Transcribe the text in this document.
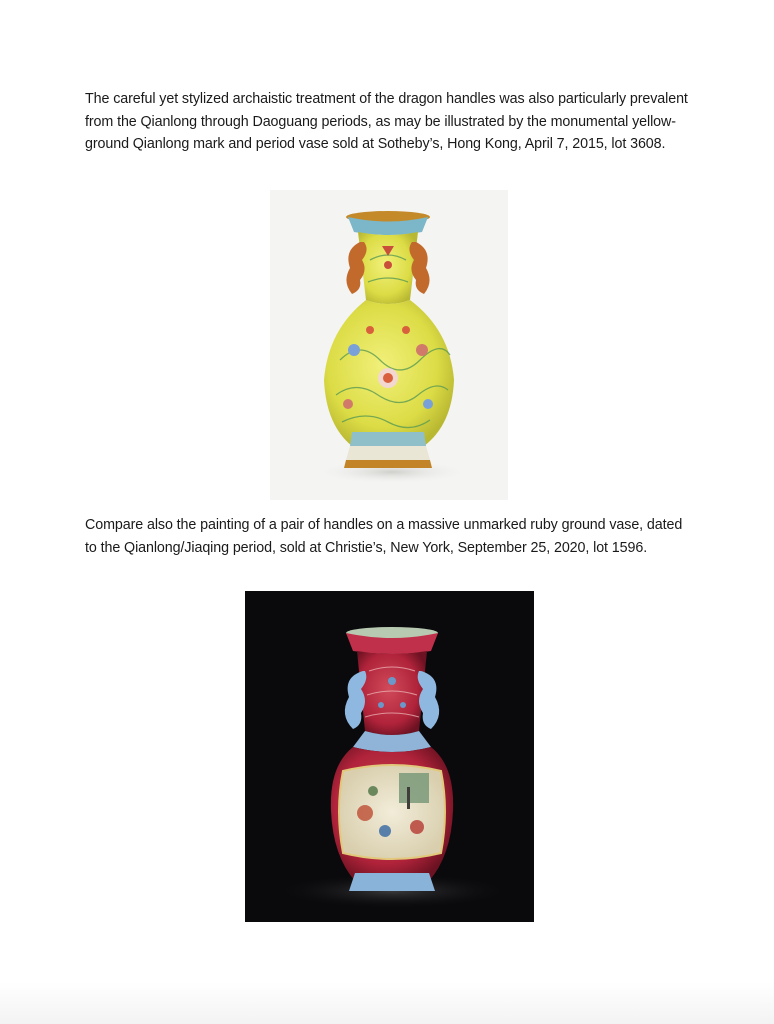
The careful yet stylized archaistic treatment of the dragon handles was also particularly prevalent from the Qianlong through Daoguang periods, as may be illustrated by the monumental yellow-ground Qianlong mark and period vase sold at Sotheby’s, Hong Kong, April 7, 2015, lot 3608.

Compare also the painting of a pair of handles on a massive unmarked ruby ground vase, dated to the Qianlong/Jiaqing period, sold at Christie’s, New York, September 25, 2020, lot 1596.
